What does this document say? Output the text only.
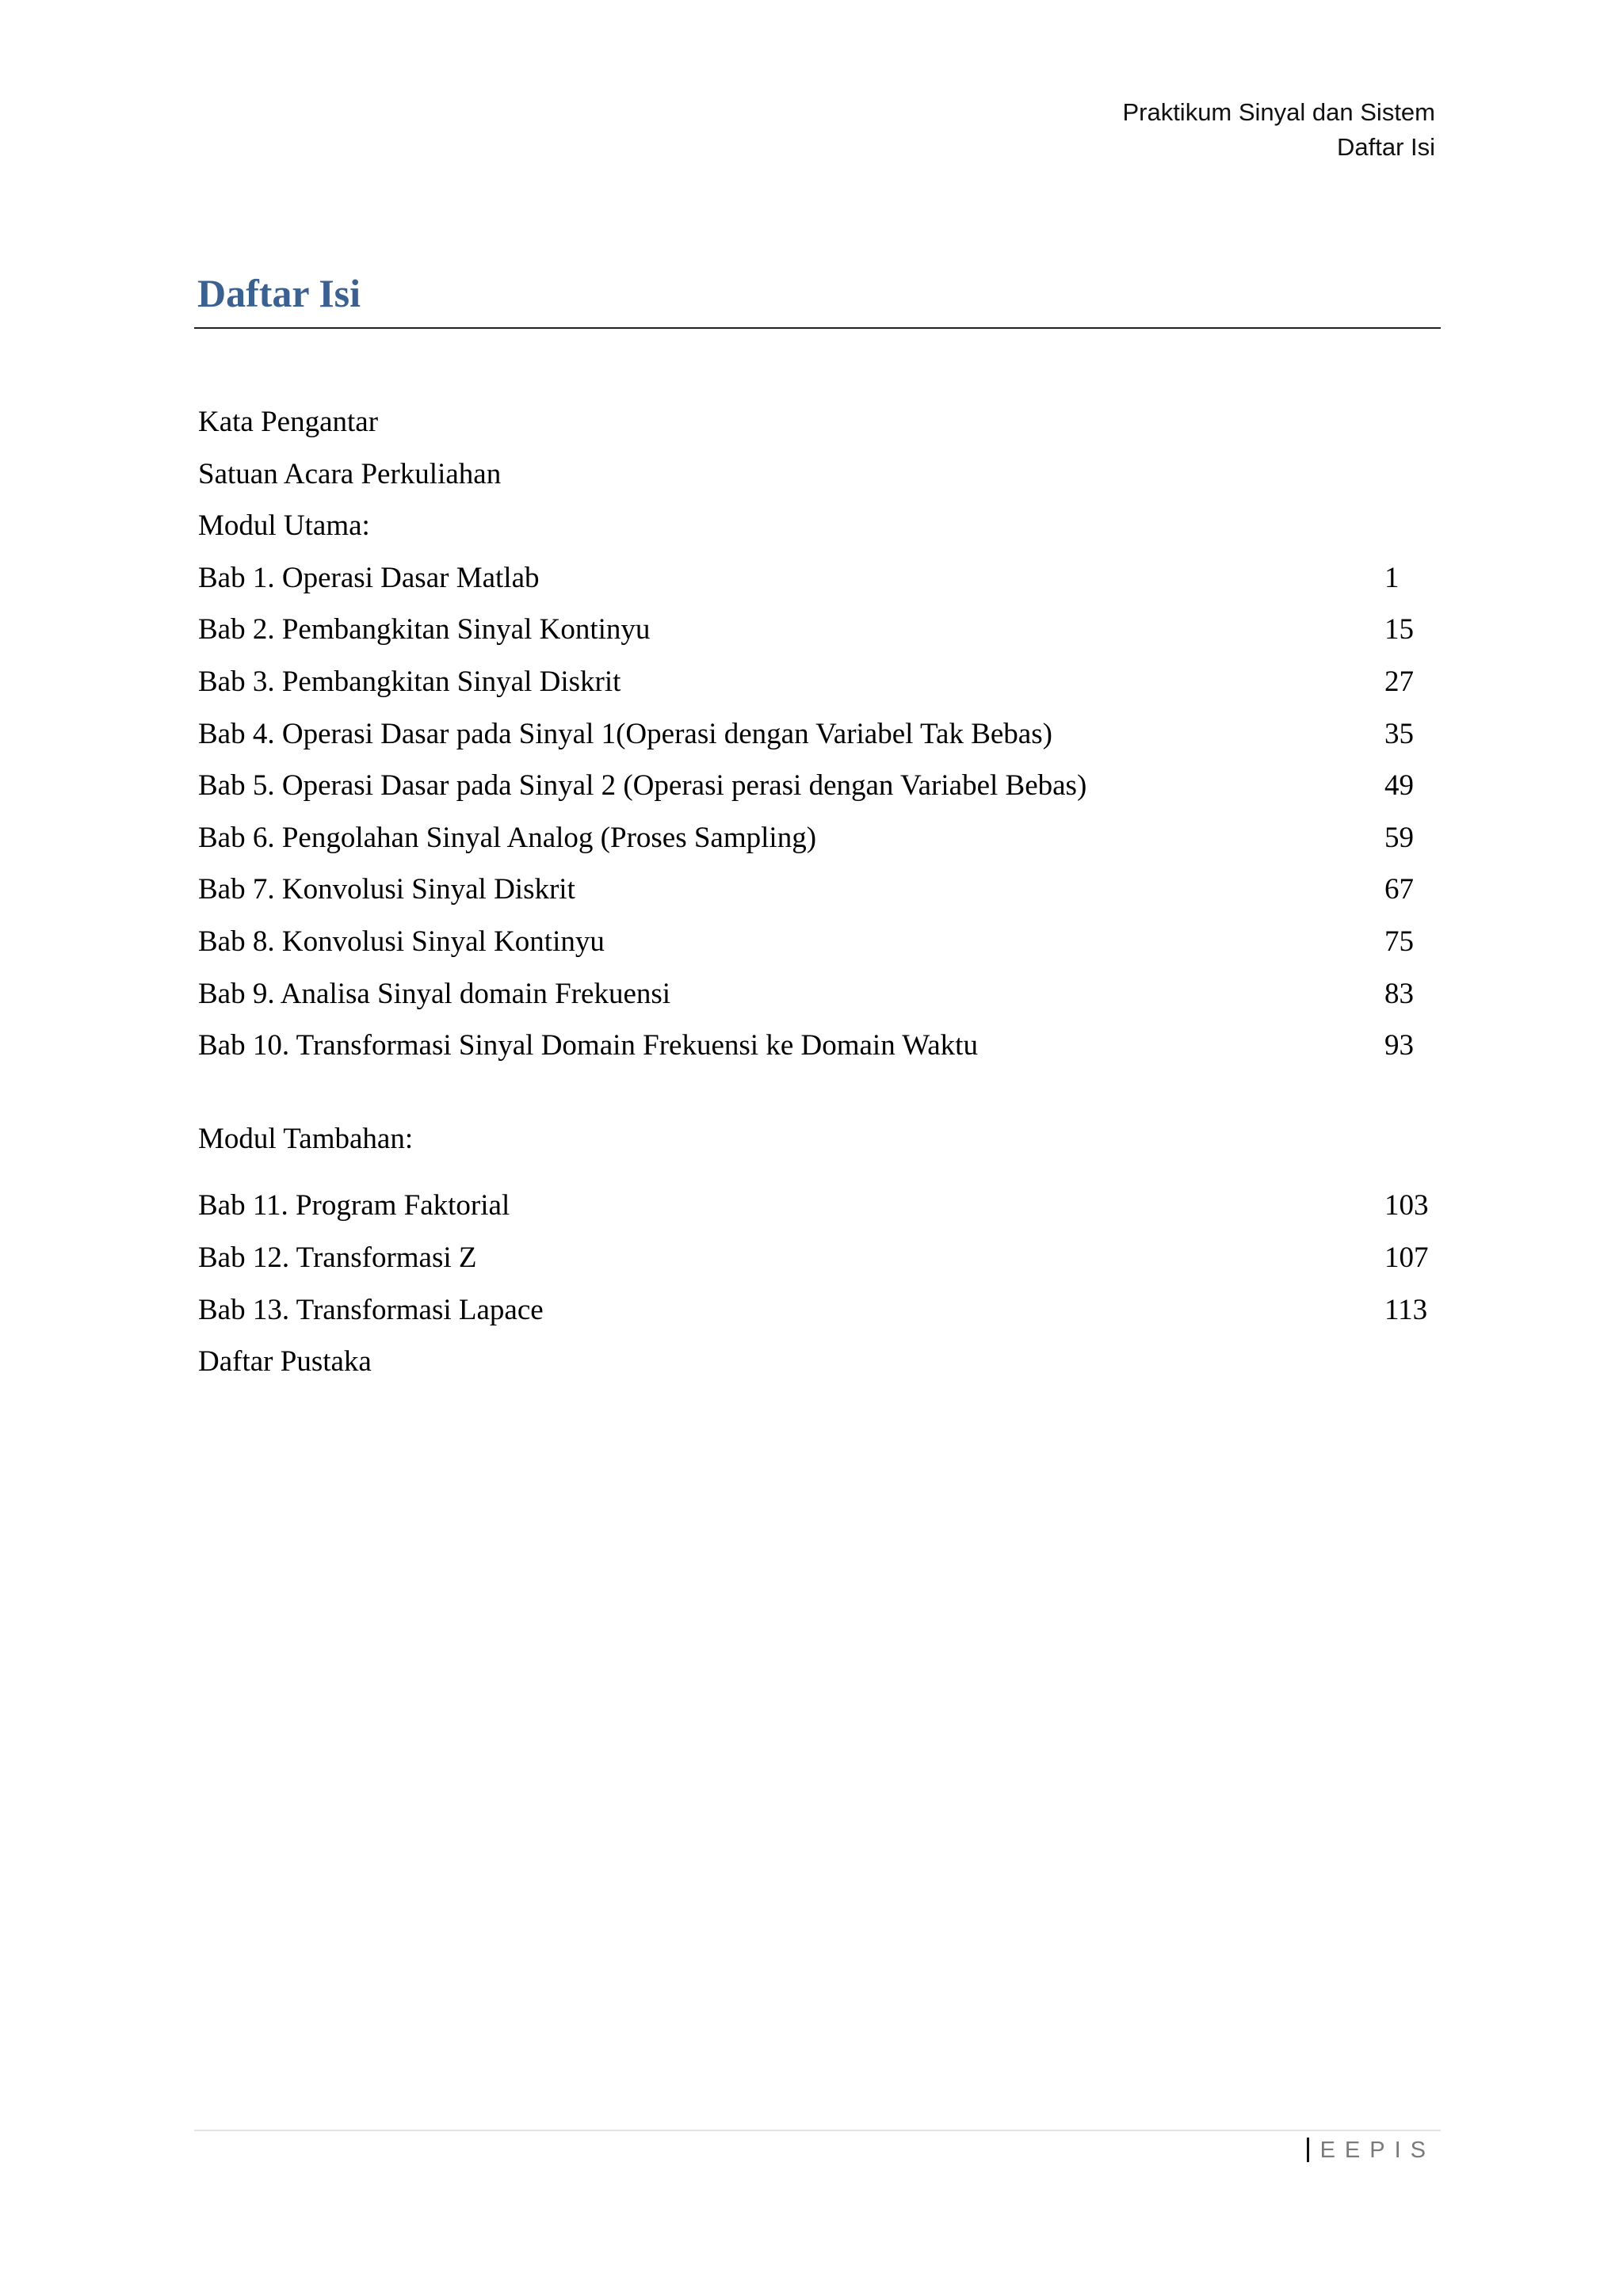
Praktikum Sinyal dan Sistem
Daftar Isi
Daftar Isi
Kata Pengantar
Satuan Acara Perkuliahan
Modul Utama:
Bab 1. Operasi Dasar Matlab	1
Bab 2. Pembangkitan Sinyal Kontinyu	15
Bab 3. Pembangkitan Sinyal Diskrit	27
Bab 4. Operasi Dasar pada Sinyal 1(Operasi dengan Variabel Tak Bebas)	35
Bab 5. Operasi Dasar pada Sinyal 2 (Operasi perasi dengan Variabel Bebas)	49
Bab 6. Pengolahan Sinyal Analog (Proses Sampling)	59
Bab 7. Konvolusi Sinyal Diskrit	67
Bab 8. Konvolusi Sinyal Kontinyu	75
Bab 9. Analisa Sinyal domain Frekuensi	83
Bab 10. Transformasi Sinyal Domain Frekuensi ke Domain Waktu	93
Modul Tambahan:
Bab 11. Program Faktorial	103
Bab 12. Transformasi Z	107
Bab 13. Transformasi Lapace	113
Daftar Pustaka
EEPIS
